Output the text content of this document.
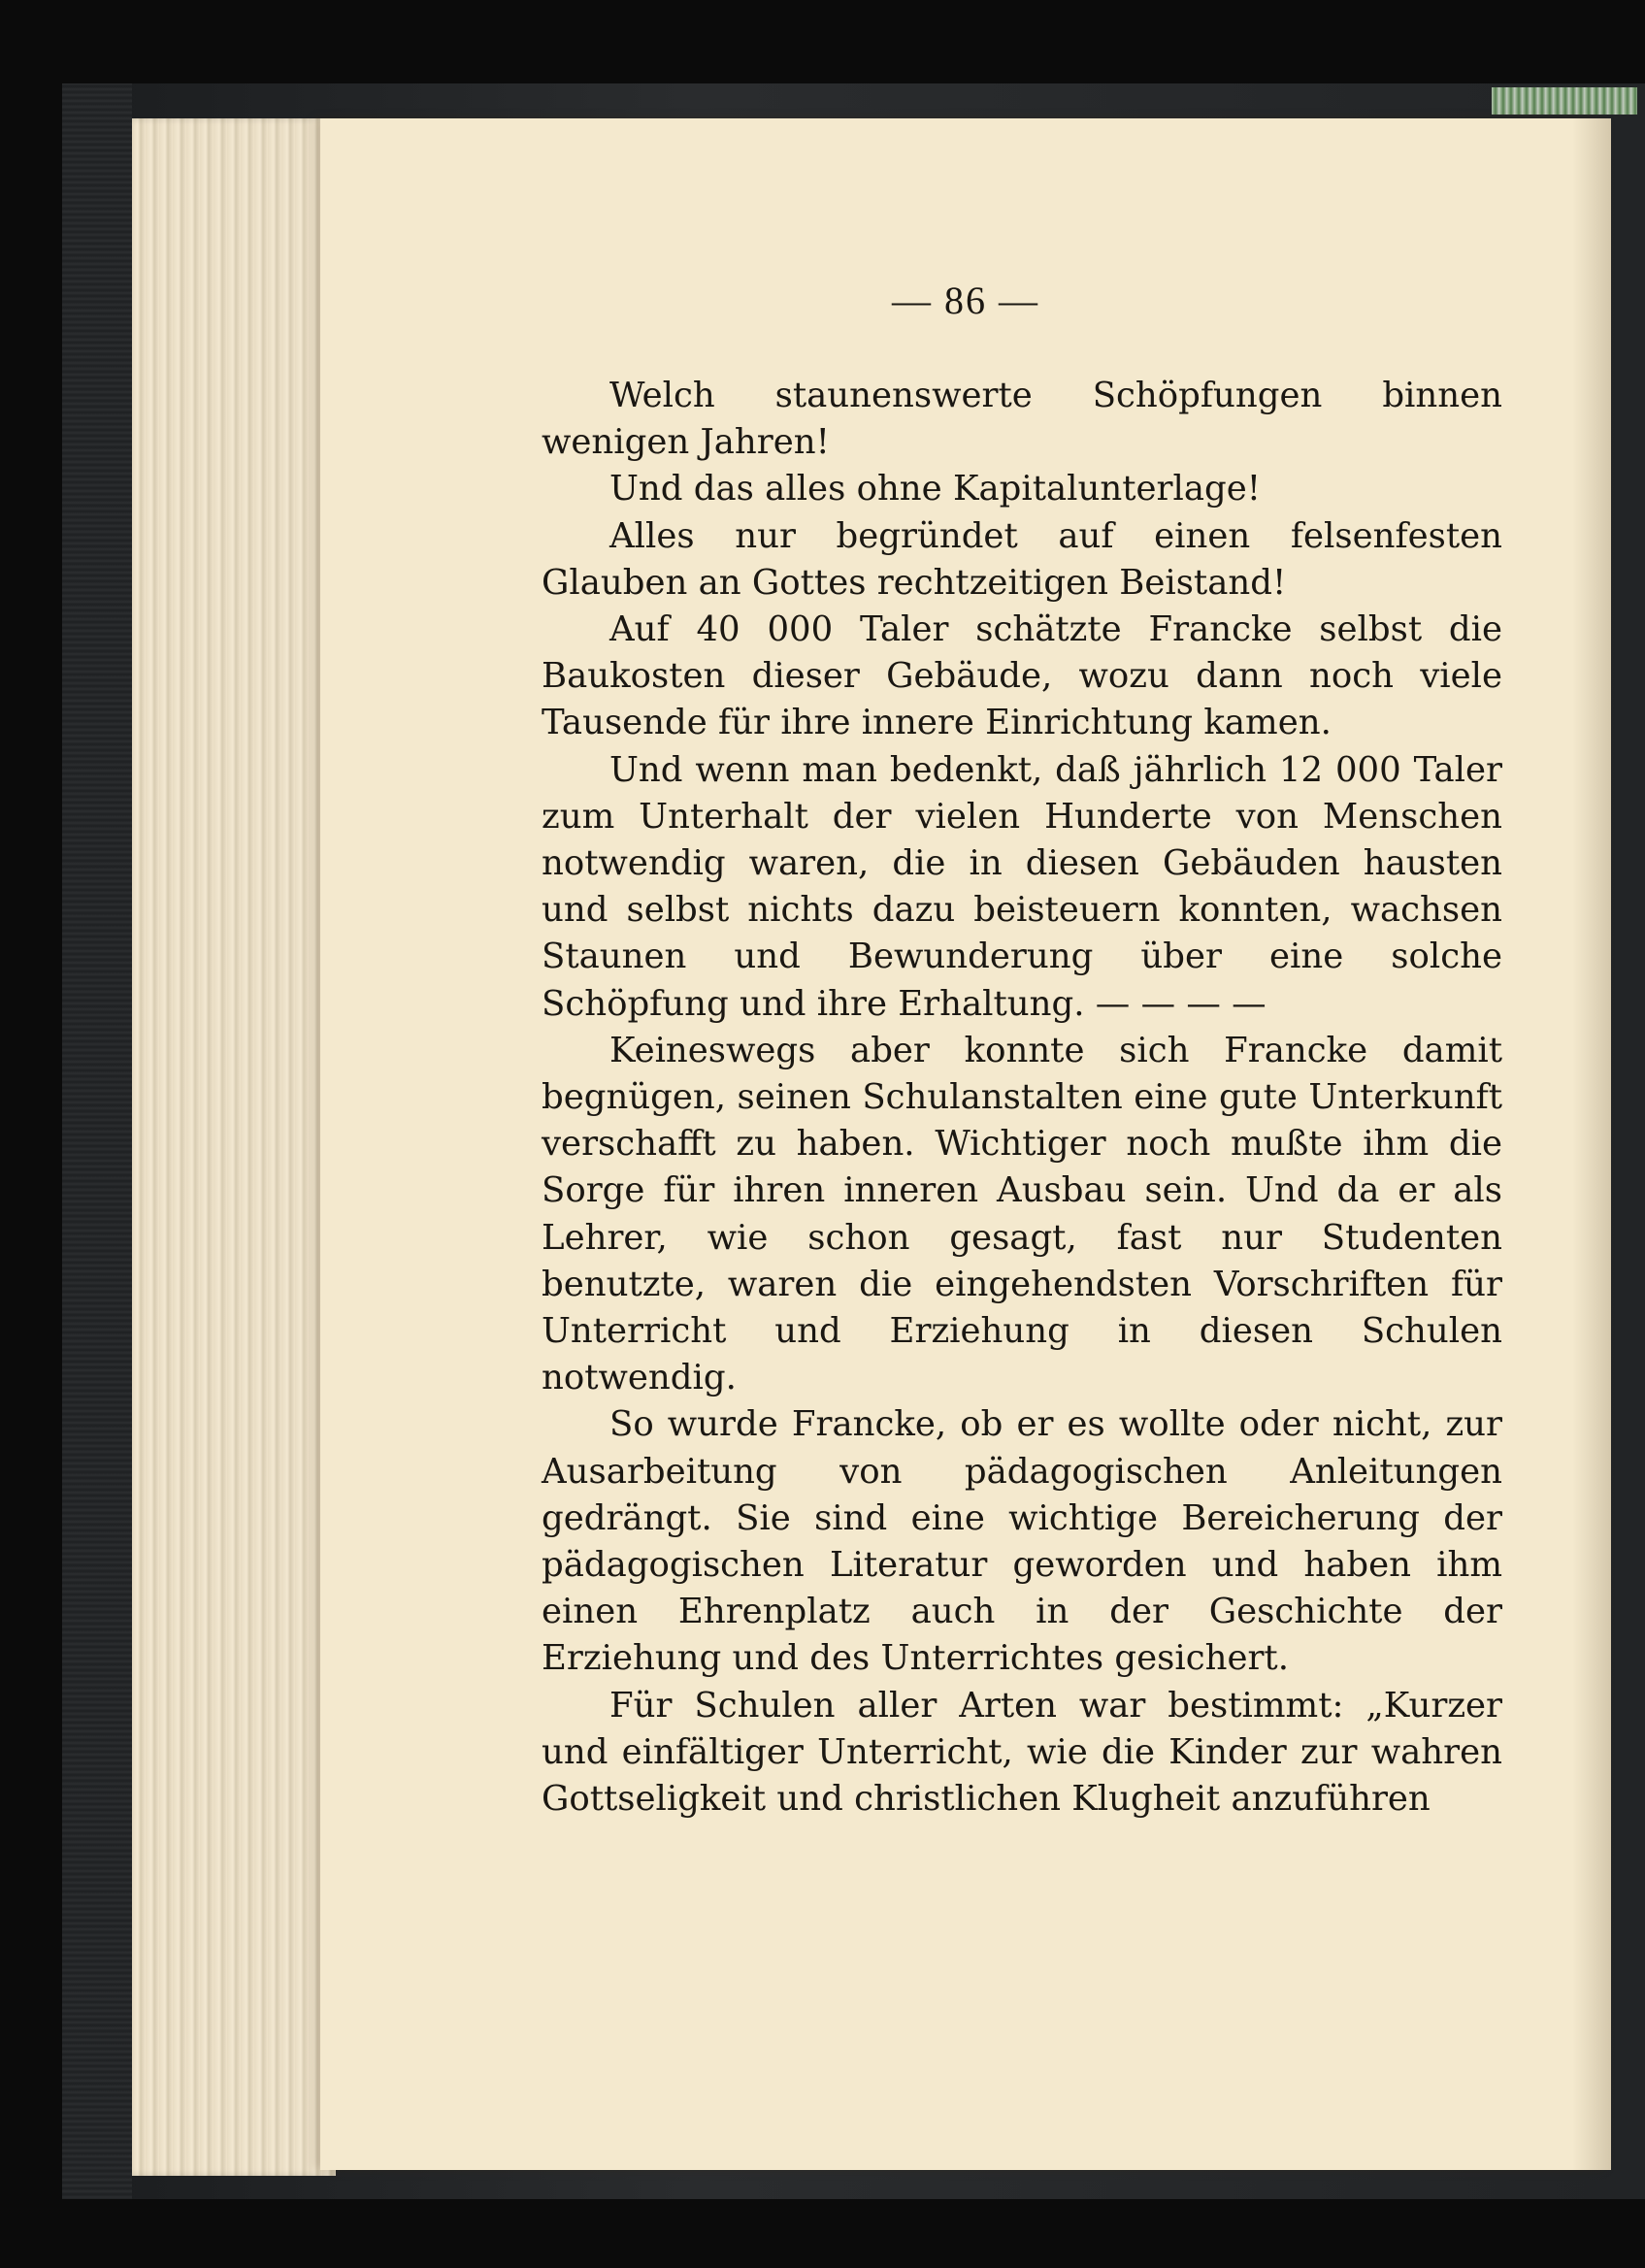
— 86 —

Welch staunenswerte Schöpfungen binnen wenigen Jahren!

Und das alles ohne Kapitalunterlage!

Alles nur begründet auf einen felsenfesten Glauben an Gottes rechtzeitigen Beistand!

Auf 40 000 Taler schätzte Francke selbst die Baukosten dieser Gebäude, wozu dann noch viele Tausende für ihre innere Einrichtung kamen.

Und wenn man bedenkt, daß jährlich 12 000 Taler zum Unterhalt der vielen Hunderte von Menschen notwendig waren, die in diesen Gebäuden hausten und selbst nichts dazu beisteuern konnten, wachsen Staunen und Bewunderung über eine solche Schöpfung und ihre Erhaltung. — — — —

Keineswegs aber konnte sich Francke damit begnügen, seinen Schulanstalten eine gute Unterkunft verschafft zu haben. Wichtiger noch mußte ihm die Sorge für ihren inneren Ausbau sein. Und da er als Lehrer, wie schon gesagt, fast nur Studenten benutzte, waren die eingehendsten Vorschriften für Unterricht und Erziehung in diesen Schulen notwendig.

So wurde Francke, ob er es wollte oder nicht, zur Ausarbeitung von pädagogischen Anleitungen gedrängt. Sie sind eine wichtige Bereicherung der pädagogischen Literatur geworden und haben ihm einen Ehrenplatz auch in der Geschichte der Erziehung und des Unterrichtes gesichert.

Für Schulen aller Arten war bestimmt: „Kurzer und einfältiger Unterricht, wie die Kinder zur wahren Gottseligkeit und christlichen Klugheit anzuführen
